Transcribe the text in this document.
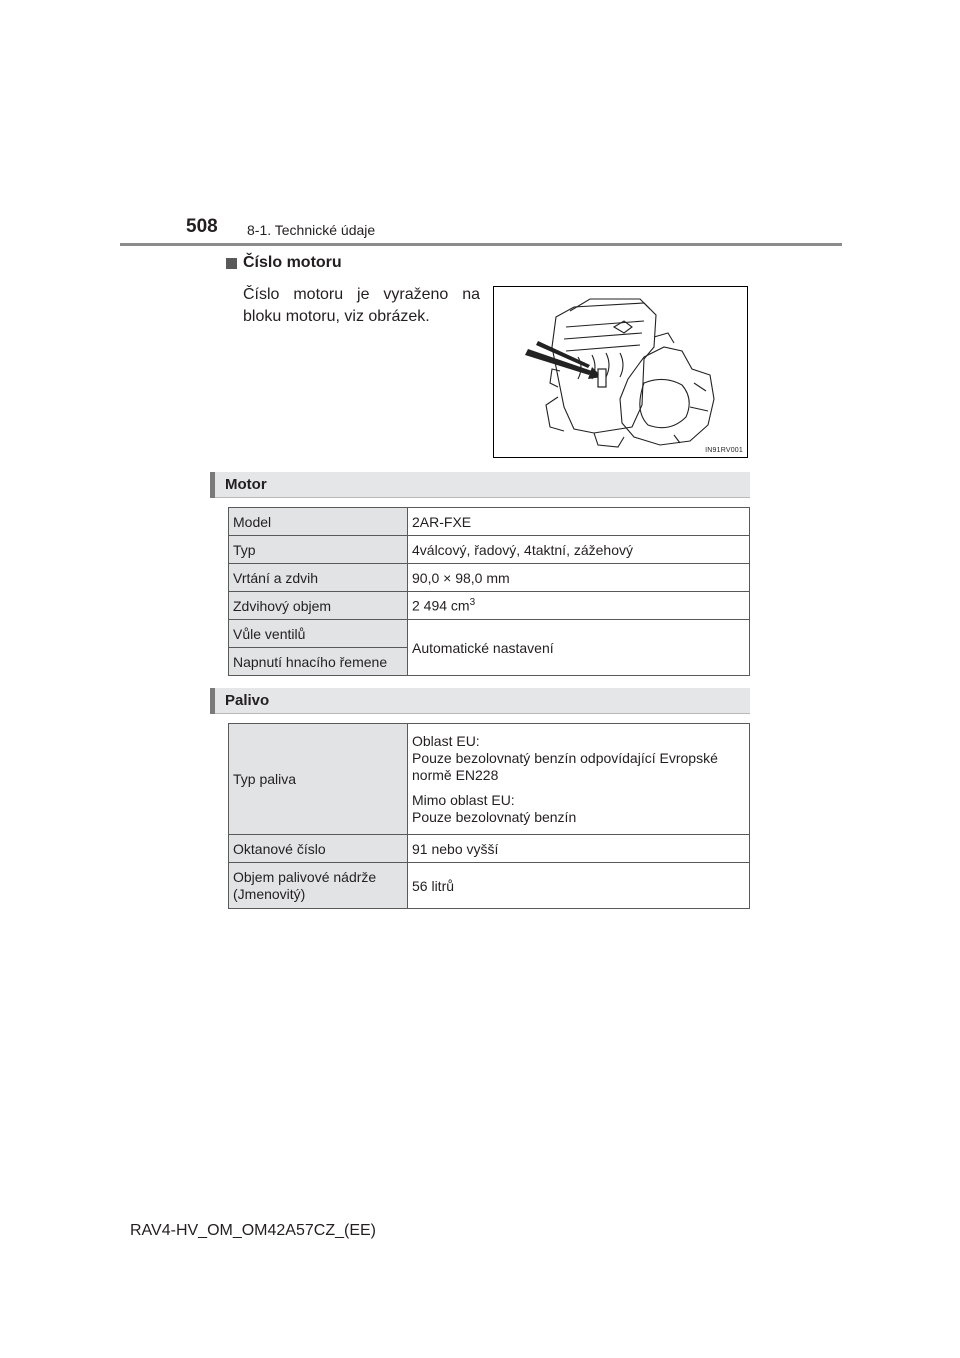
508 8-1. Technické údaje
Číslo motoru
Číslo motoru je vyraženo na bloku motoru, viz obrázek.
IN91RV001
Motor
Model	2AR-FXE
Typ	4válcový, řadový, 4taktní, zážehový
Vrtání a zdvih	90,0 × 98,0 mm
Zdvihový objem	2 494 $cm^3$
Vůle ventilů	Automatické nastavení
Napnutí hnacího řemene	
Palivo
Typ paliva	Oblast EU:
Pouze bezolovnatý benzín odpovídající Evropské normě EN228

Mimo oblast EU:
Pouze bezolovnatý benzín

Oktanové číslo	91 nebo vyšší
Objem palivové nádrže (Jmenovitý)	56 litrů
RAV4-HV_OM_OM42A57CZ_(EE)
